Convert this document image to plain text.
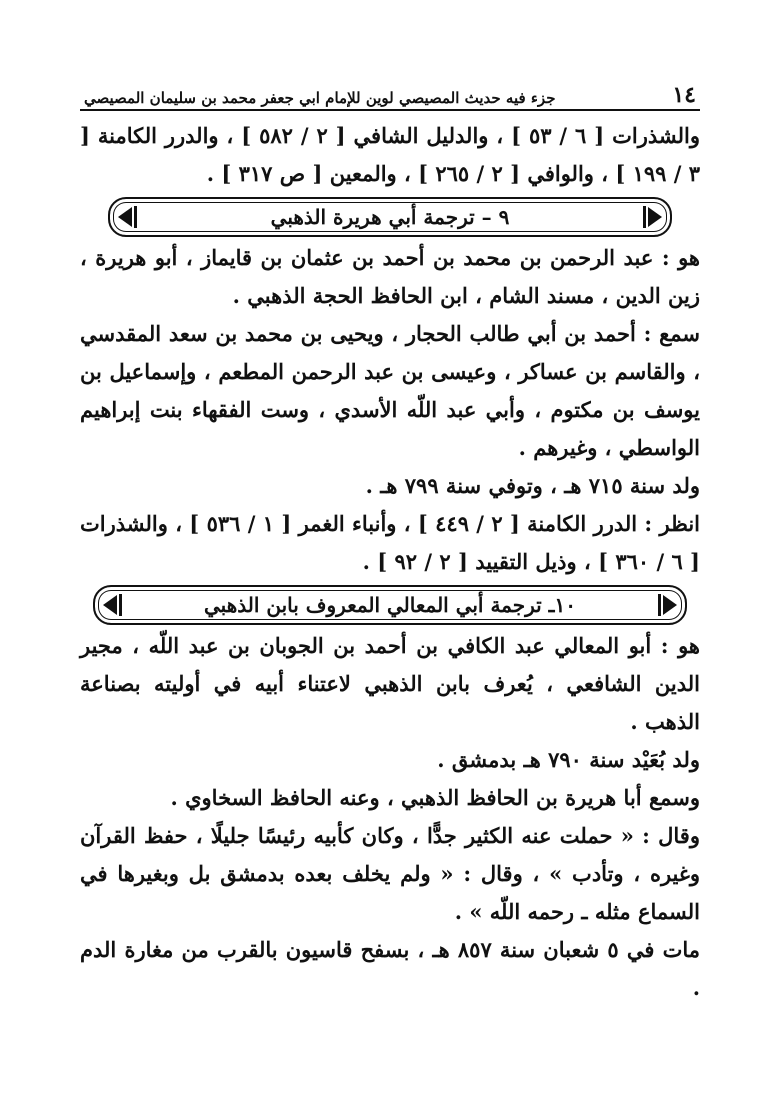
١٤
جزء فيه حديث المصيصي لوين للإمام ابي جعفر محمد بن سليمان المصيصي

والشذرات [ ٦ / ٥٣ ] ، والدليل الشافي [ ٢ / ٥٨٢ ] ، والدرر الكامنة [ ٣ / ١٩٩ ] ، والوافي [ ٢ / ٢٦٥ ] ، والمعين [ ص ٣١٧ ] .

٩ – ترجمة أبي هريرة الذهبي

هو : عبد الرحمن بن محمد بن أحمد بن عثمان بن قايماز ، أبو هريرة ، زين الدين ، مسند الشام ، ابن الحافظ الحجة الذهبي .

سمع : أحمد بن أبي طالب الحجار ، ويحيى بن محمد بن سعد المقدسي ، والقاسم بن عساكر ، وعيسى بن عبد الرحمن المطعم ، وإسماعيل بن يوسف بن مكتوم ، وأبي عبد اللّه الأسدي ، وست الفقهاء بنت إبراهيم الواسطي ، وغيرهم .

ولد سنة ٧١٥ هـ ، وتوفي سنة ٧٩٩ هـ .

انظر : الدرر الكامنة [ ٢ / ٤٤٩ ] ، وأنباء الغمر [ ١ / ٥٣٦ ] ، والشذرات [ ٦ / ٣٦٠ ] ، وذيل التقييد [ ٢ / ٩٢ ] .

١٠ـ ترجمة أبي المعالي المعروف بابن الذهبي

هو : أبو المعالي عبد الكافي بن أحمد بن الجوبان بن عبد اللّه ، مجير الدين الشافعي ، يُعرف بابن الذهبي لاعتناء أبيه في أوليته بصناعة الذهب .

ولد بُعَيْد سنة ٧٩٠ هـ بدمشق .

وسمع أبا هريرة بن الحافظ الذهبي ، وعنه الحافظ السخاوي .

وقال : « حملت عنه الكثير جدًّا ، وكان كأبيه رئيسًا جليلًا ، حفظ القرآن وغيره ، وتأدب » ، وقال : « ولم يخلف بعده بدمشق بل وبغيرها في السماع مثله ـ رحمه اللّه » .

مات في ٥ شعبان سنة ٨٥٧ هـ ، بسفح قاسيون بالقرب من مغارة الدم .
